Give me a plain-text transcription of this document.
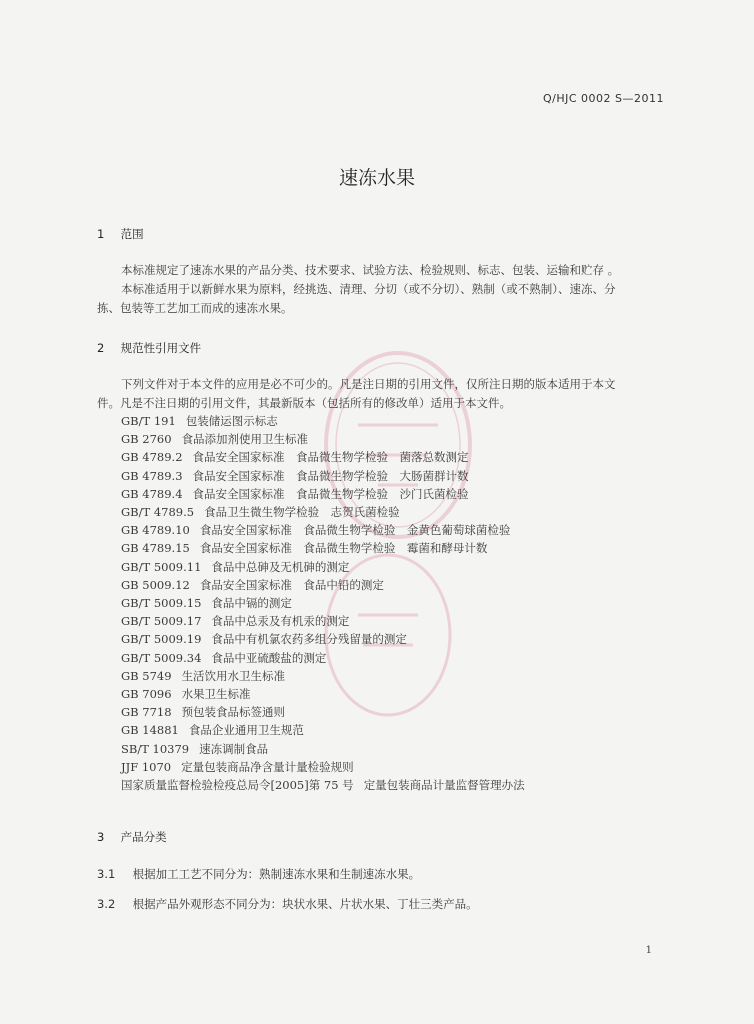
Q/HJC 0002 S—2011
速冻水果
1 范围
本标准规定了速冻水果的产品分类、技术要求、试验方法、检验规则、标志、包装、运输和贮存 。
本标准适用于以新鲜水果为原料，经挑选、清理、分切（或不分切）、熟制（或不熟制）、速冻、分
拣、包装等工艺加工而成的速冻水果。
2 规范性引用文件
下列文件对于本文件的应用是必不可少的。凡是注日期的引用文件，仅所注日期的版本适用于本文
件。凡是不注日期的引用文件，其最新版本（包括所有的修改单）适用于本文件。
GB/T 191 包装储运图示标志
GB 2760 食品添加剂使用卫生标准
GB 4789.2 食品安全国家标准　食品微生物学检验　菌落总数测定
GB 4789.3 食品安全国家标准　食品微生物学检验　大肠菌群计数
GB 4789.4 食品安全国家标准　食品微生物学检验　沙门氏菌检验
GB/T 4789.5 食品卫生微生物学检验　志贺氏菌检验
GB 4789.10 食品安全国家标准　食品微生物学检验　金黄色葡萄球菌检验
GB 4789.15 食品安全国家标准　食品微生物学检验　霉菌和酵母计数
GB/T 5009.11 食品中总砷及无机砷的测定
GB 5009.12 食品安全国家标准　食品中铅的测定
GB/T 5009.15 食品中镉的测定
GB/T 5009.17 食品中总汞及有机汞的测定
GB/T 5009.19 食品中有机氯农药多组分残留量的测定
GB/T 5009.34 食品中亚硫酸盐的测定
GB 5749 生活饮用水卫生标准
GB 7096 水果卫生标准
GB 7718 预包装食品标签通则
GB 14881 食品企业通用卫生规范
SB/T 10379 速冻调制食品
JJF 1070 定量包装商品净含量计量检验规则
国家质量监督检验检疫总局令[2005]第 75 号 定量包装商品计量监督管理办法
3 产品分类
3.1 根据加工工艺不同分为：熟制速冻水果和生制速冻水果。
3.2 根据产品外观形态不同分为：块状水果、片状水果、丁壮三类产品。
1
